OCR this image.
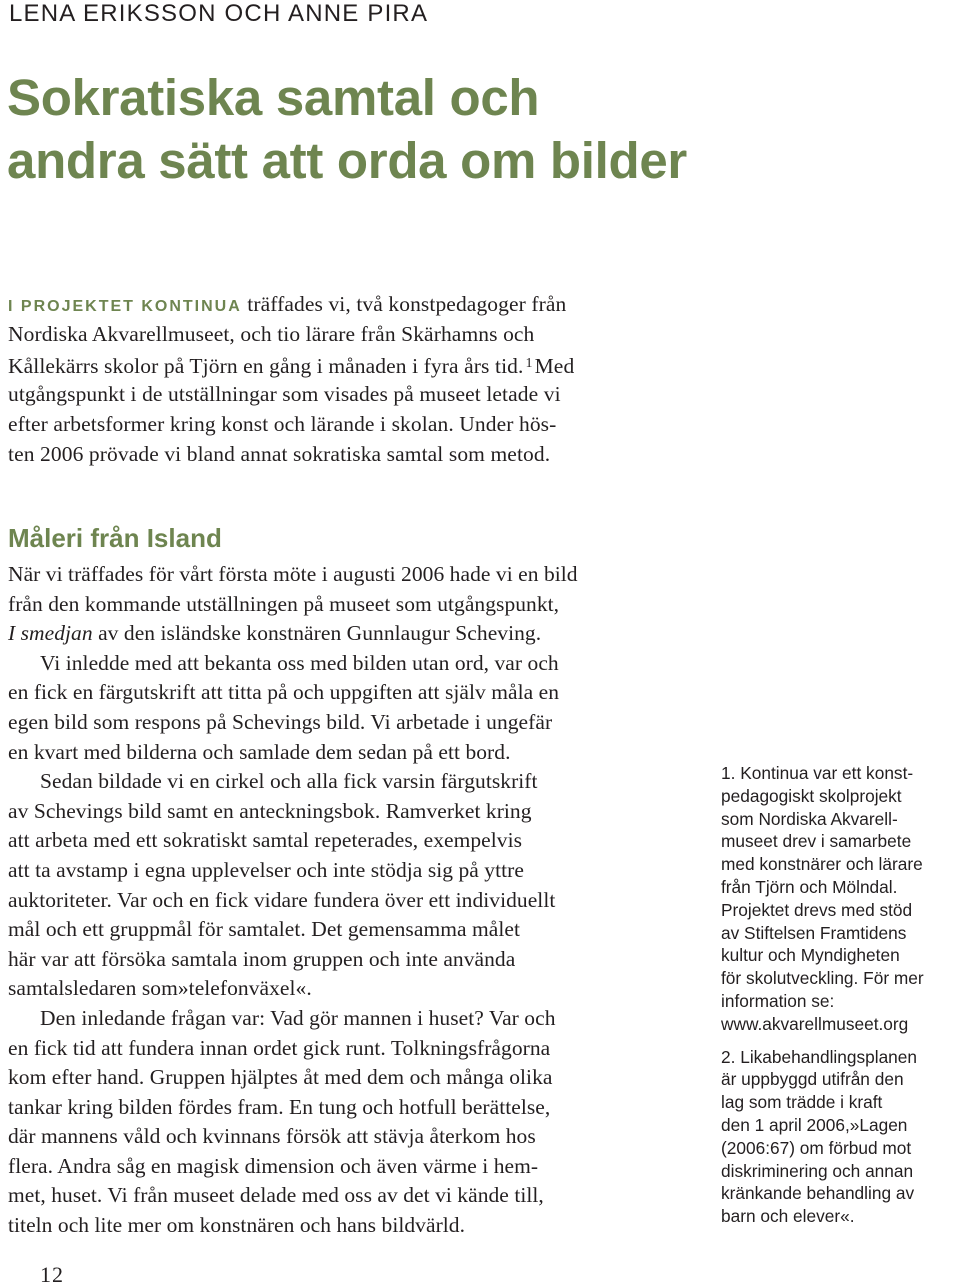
LENA ERIKSSON OCH ANNE PIRA
Sokratiska samtal och
andra sätt att orda om bilder
I PROJEKTET KONTINUA träffades vi, två konstpedagoger från
Nordiska Akvarellmuseet, och tio lärare från Skärhamns och
Kållekärrs skolor på Tjörn en gång i månaden i fyra års tid. $^1$Med
utgångspunkt i de utställningar som visades på museet letade vi
efter arbetsformer kring konst och lärande i skolan. Under hös-
ten 2006 prövade vi bland annat sokratiska samtal som metod.
Måleri från Island
När vi träffades för vårt första möte i augusti 2006 hade vi en bild
från den kommande utställningen på museet som utgångspunkt,
I smedjan av den isländske konstnären Gunnlaugur Scheving.
Vi inledde med att bekanta oss med bilden utan ord, var och
en fick en färgutskrift att titta på och uppgiften att själv måla en
egen bild som respons på Schevings bild. Vi arbetade i ungefär
en kvart med bilderna och samlade dem sedan på ett bord.
Sedan bildade vi en cirkel och alla fick varsin färgutskrift
av Schevings bild samt en anteckningsbok. Ramverket kring
att arbeta med ett sokratiskt samtal repeterades, exempelvis
att ta avstamp i egna upplevelser och inte stödja sig på yttre
auktoriteter. Var och en fick vidare fundera över ett individuellt
mål och ett gruppmål för samtalet. Det gemensamma målet
här var att försöka samtala inom gruppen och inte använda
samtalsledaren som»telefonväxel«.
Den inledande frågan var: Vad gör mannen i huset? Var och
en fick tid att fundera innan ordet gick runt. Tolkningsfrågorna
kom efter hand. Gruppen hjälptes åt med dem och många olika
tankar kring bilden fördes fram. En tung och hotfull berättelse,
där mannens våld och kvinnans försök att stävja återkom hos
flera. Andra såg en magisk dimension och även värme i hem-
met, huset. Vi från museet delade med oss av det vi kände till,
titeln och lite mer om konstnären och hans bildvärld.
1. Kontinua var ett konst-
pedagogiskt skolprojekt
som Nordiska Akvarell-
museet drev i samarbete
med konstnärer och lärare
från Tjörn och Mölndal.
Projektet drevs med stöd
av Stiftelsen Framtidens
kultur och Myndigheten
för skolutveckling. För mer
information se:
www.akvarellmuseet.org
2. Likabehandlingsplanen
är uppbyggd utifrån den
lag som trädde i kraft
den 1 april 2006,»Lagen
(2006:67) om förbud mot
diskriminering och annan
kränkande behandling av
barn och elever«.
12
